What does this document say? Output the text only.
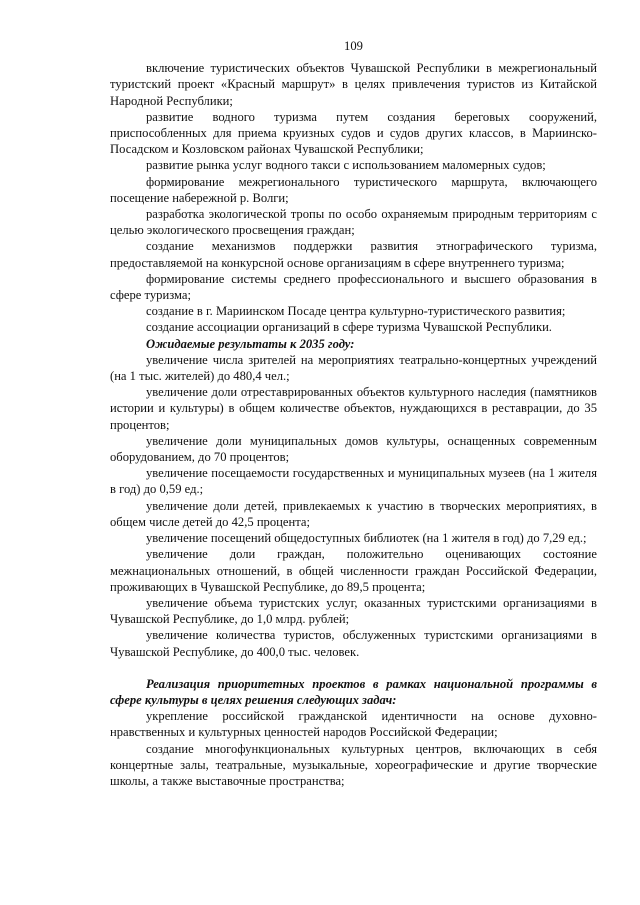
109

включение туристических объектов Чувашской Республики в межрегиональный туристский проект «Красный маршрут» в целях привлечения туристов из Китайской Народной Республики;

развитие водного туризма путем создания береговых сооружений, приспособленных для приема круизных судов и судов других классов, в Мариинско-Посадском и Козловском районах Чувашской Республики;

развитие рынка услуг водного такси с использованием маломерных судов;

формирование межрегионального туристического маршрута, включающего посещение набережной р. Волги;

разработка экологической тропы по особо охраняемым природным территориям с целью экологического просвещения граждан;

создание механизмов поддержки развития этнографического туризма, предоставляемой на конкурсной основе организациям в сфере внутреннего туризма;

формирование системы среднего профессионального и высшего образования в сфере туризма;

создание в г. Мариинском Посаде центра культурно-туристического развития;

создание ассоциации организаций в сфере туризма Чувашской Республики.

Ожидаемые результаты к 2035 году:

увеличение числа зрителей на мероприятиях театрально-концертных учреждений (на 1 тыс. жителей) до 480,4 чел.;

увеличение доли отреставрированных объектов культурного наследия (памятников истории и культуры) в общем количестве объектов, нуждающихся в реставрации, до 35 процентов;

увеличение доли муниципальных домов культуры, оснащенных современным оборудованием, до 70 процентов;

увеличение посещаемости государственных и муниципальных музеев (на 1 жителя в год) до 0,59 ед.;

увеличение доли детей, привлекаемых к участию в творческих мероприятиях, в общем числе детей до 42,5 процента;

увеличение посещений общедоступных библиотек (на 1 жителя в год) до 7,29 ед.;

увеличение доли граждан, положительно оценивающих состояние межнациональных отношений, в общей численности граждан Российской Федерации, проживающих в Чувашской Республике, до 89,5 процента;

увеличение объема туристских услуг, оказанных туристскими организациями в Чувашской Республике, до 1,0 млрд. рублей;

увеличение количества туристов, обслуженных туристскими организациями в Чувашской Республике, до 400,0 тыс. человек.

Реализация приоритетных проектов в рамках национальной программы в сфере культуры в целях решения следующих задач:

укрепление российской гражданской идентичности на основе духовно-нравственных и культурных ценностей народов Российской Федерации;

создание многофункциональных культурных центров, включающих в себя концертные залы, театральные, музыкальные, хореографические и другие творческие школы, а также выставочные пространства;
